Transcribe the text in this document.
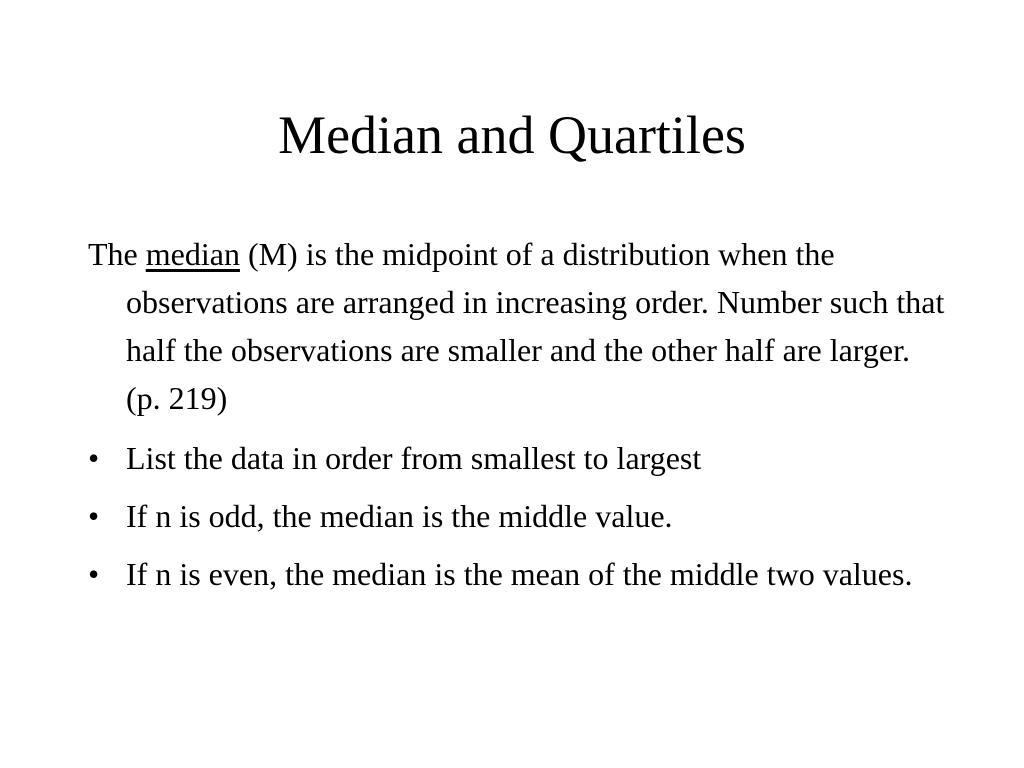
Median and Quartiles

The median (M) is the midpoint of a distribution when the observations are arranged in increasing order. Number such that half the observations are smaller and the other half are larger. (p. 219)

• List the data in order from smallest to largest
• If n is odd, the median is the middle value.
• If n is even, the median is the mean of the middle two values.
